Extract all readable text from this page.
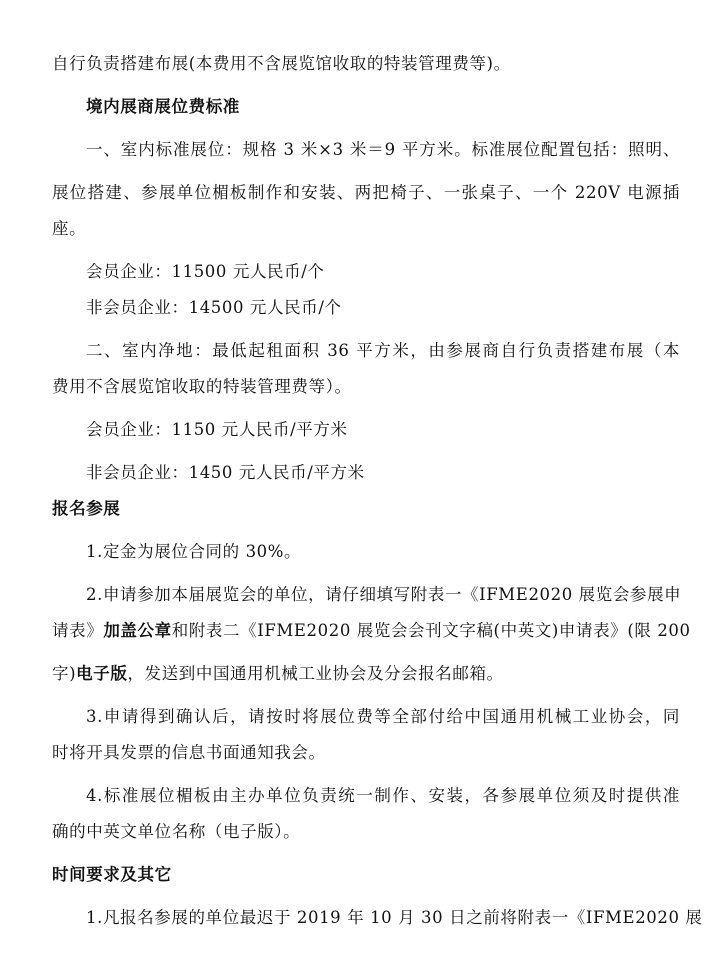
自行负责搭建布展(本费用不含展览馆收取的特装管理费等)。
境内展商展位费标准
一、室内标准展位：规格 3 米×3 米＝9 平方米。标准展位配置包括：照明、
展位搭建、参展单位楣板制作和安装、两把椅子、一张桌子、一个 220V 电源插
座。
会员企业：11500 元人民币/个
非会员企业：14500 元人民币/个
二、室内净地：最低起租面积 36 平方米，由参展商自行负责搭建布展（本
费用不含展览馆收取的特装管理费等）。
会员企业：1150 元人民币/平方米
非会员企业：1450 元人民币/平方米
报名参展
1.定金为展位合同的 30%。
2.申请参加本届展览会的单位，请仔细填写附表一《IFME2020 展览会参展申
请表》加盖公章和附表二《IFME2020 展览会会刊文字稿(中英文)申请表》(限 200
字)电子版，发送到中国通用机械工业协会及分会报名邮箱。
3.申请得到确认后，请按时将展位费等全部付给中国通用机械工业协会，同
时将开具发票的信息书面通知我会。
4.标准展位楣板由主办单位负责统一制作、安装，各参展单位须及时提供准
确的中英文单位名称（电子版）。
时间要求及其它
1.凡报名参展的单位最迟于 2019 年 10 月 30 日之前将附表一《IFME2020 展
